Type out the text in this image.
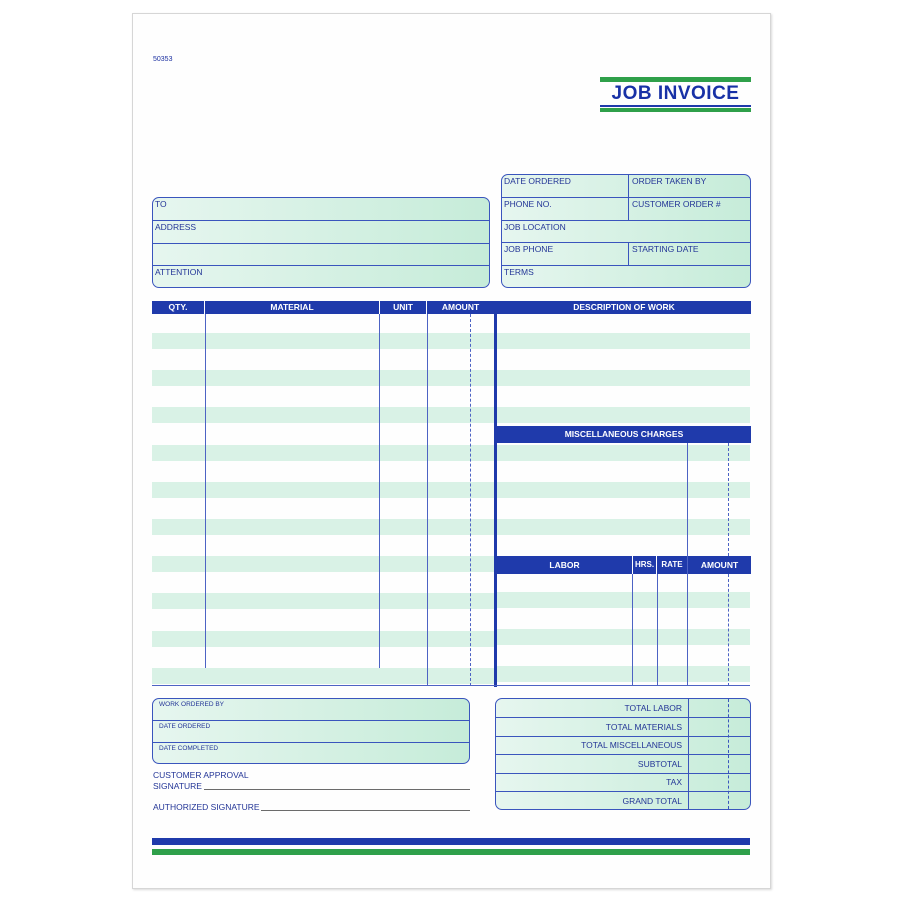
50353
JOB INVOICE
TO
ADDRESS
ATTENTION
DATE ORDERED	ORDER TAKEN BY
PHONE NO.	CUSTOMER ORDER #
JOB LOCATION
JOB PHONE	STARTING DATE
TERMS
QTY.	MATERIAL	UNIT	AMOUNT	DESCRIPTION OF WORK
MISCELLANEOUS CHARGES
LABOR	HRS. RATE	AMOUNT
WORK ORDERED BY
DATE ORDERED
DATE COMPLETED
CUSTOMER APPROVAL
SIGNATURE
AUTHORIZED SIGNATURE
TOTAL LABOR
TOTAL MATERIALS
TOTAL MISCELLANEOUS
SUBTOTAL
TAX
GRAND TOTAL
